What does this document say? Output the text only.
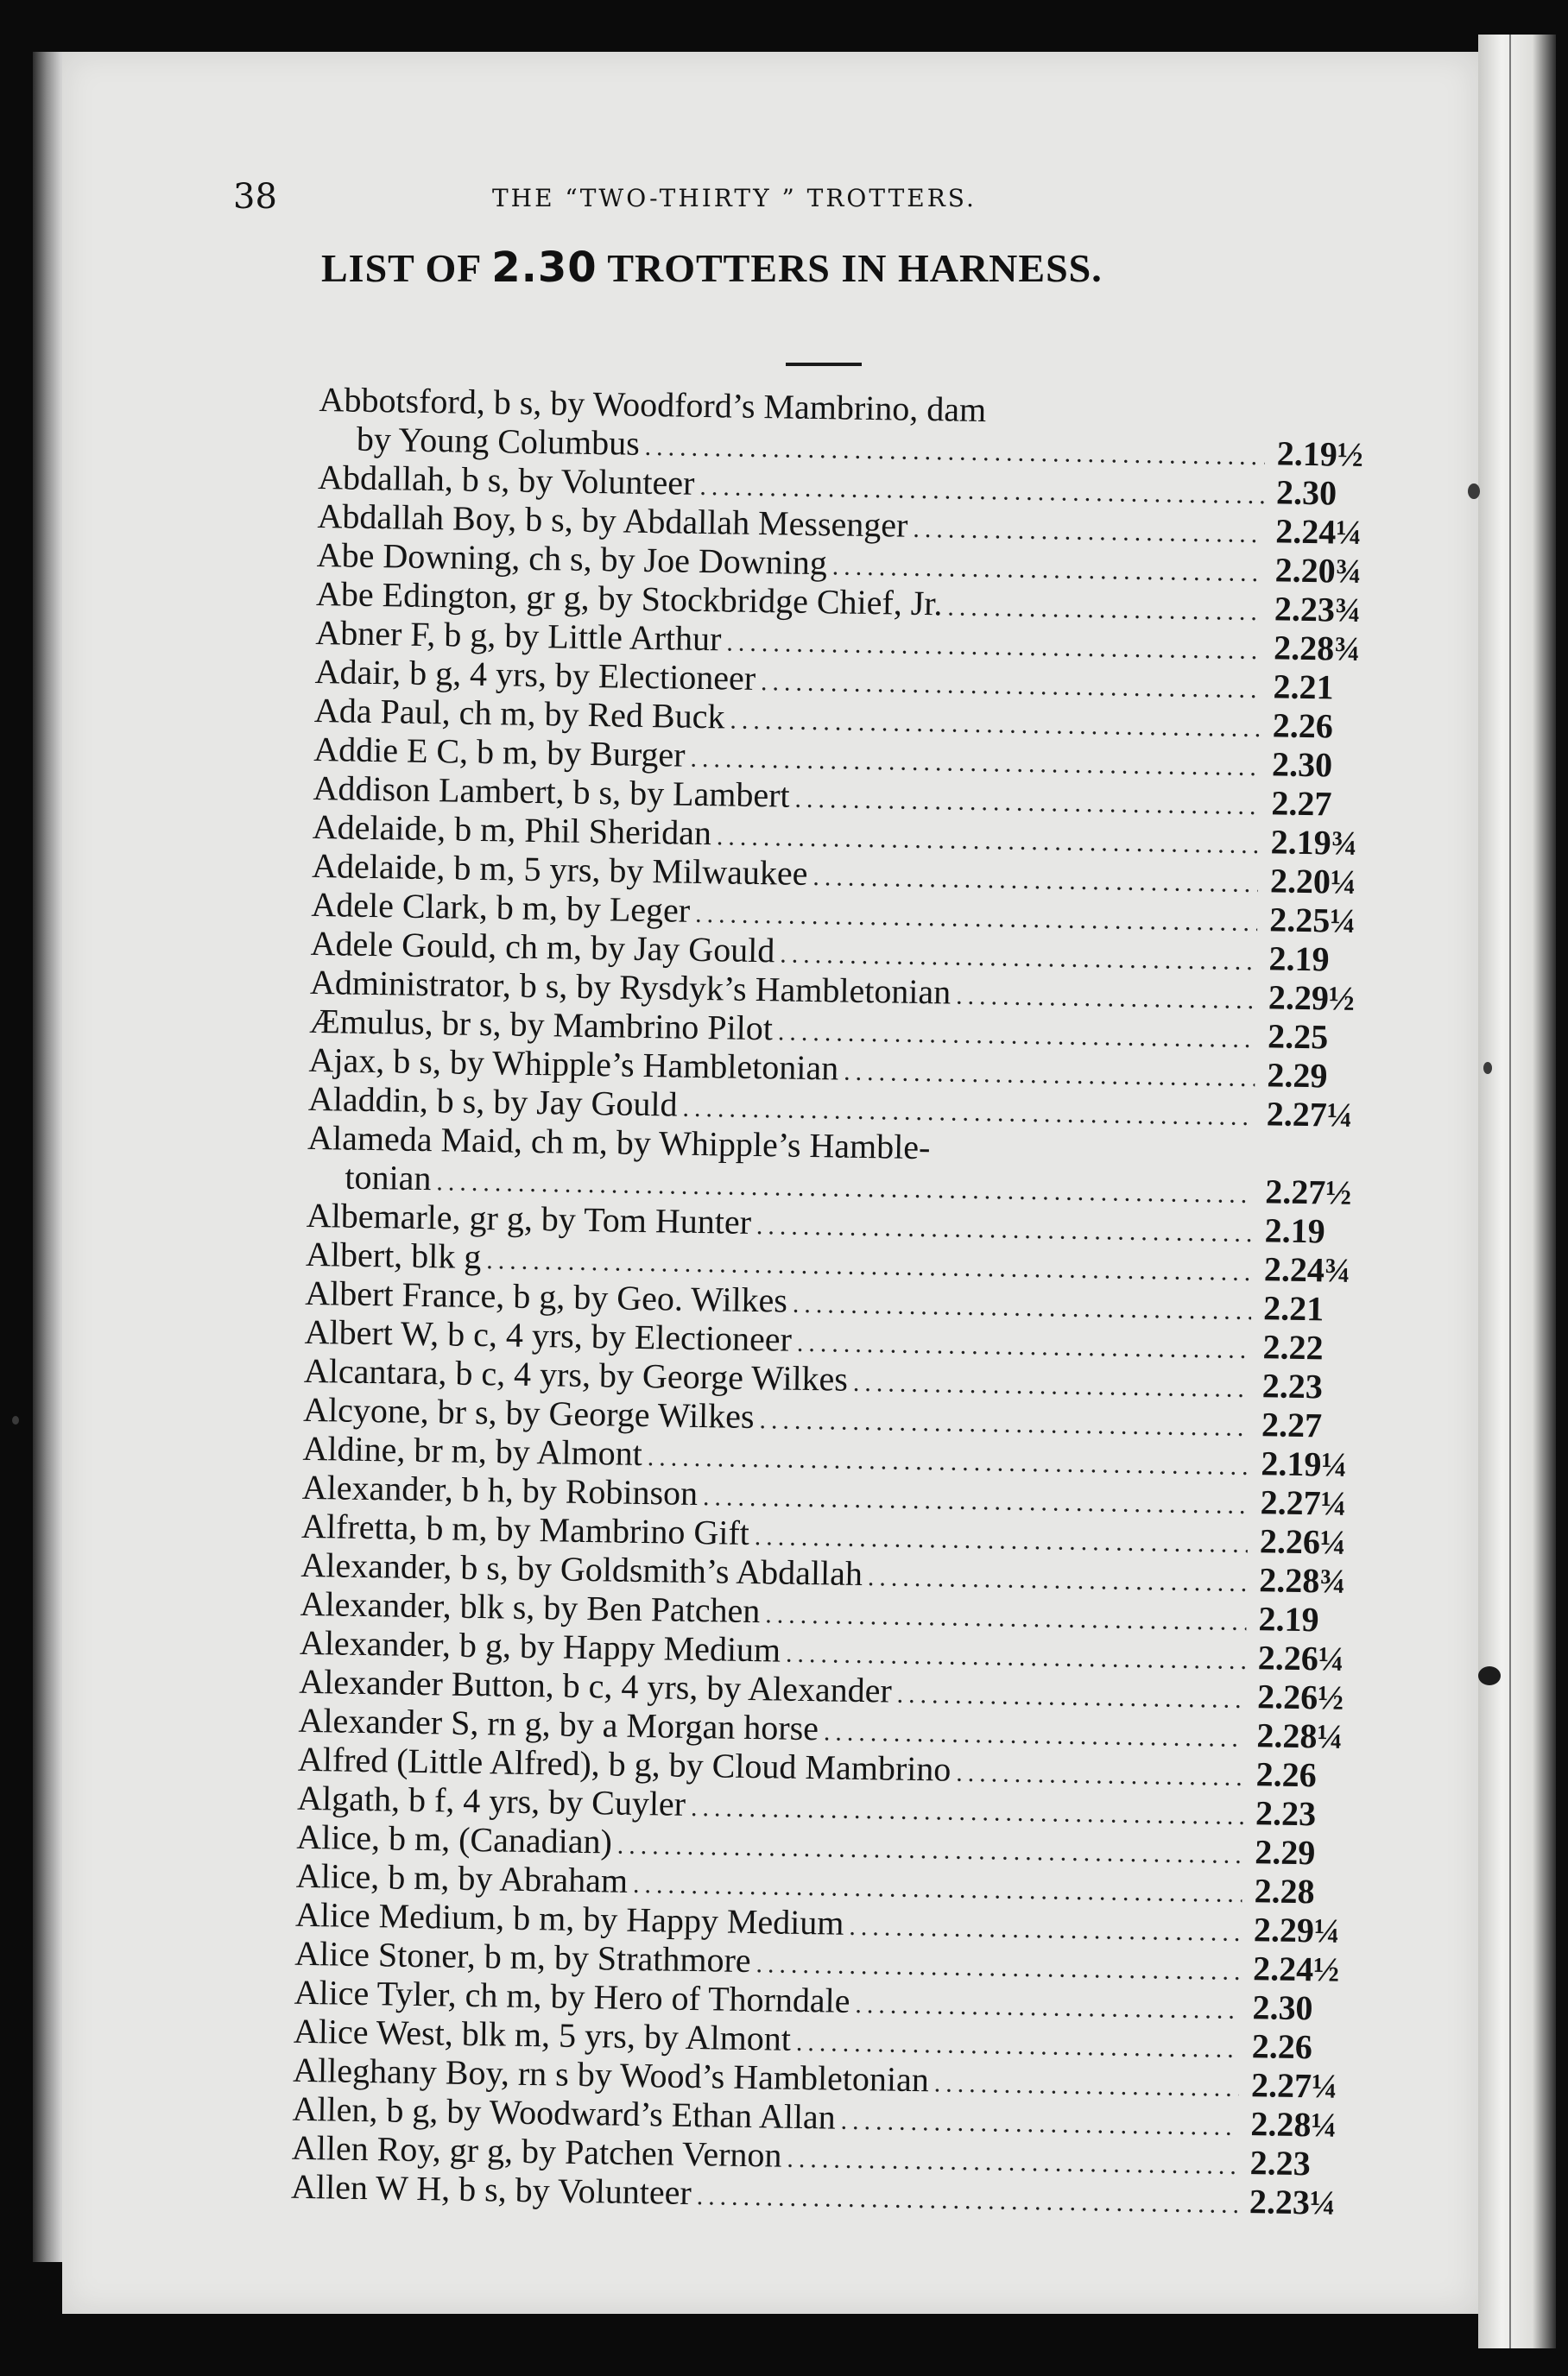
38	THE “TWO-THIRTY ” TROTTERS.
LIST OF 2.30 TROTTERS IN HARNESS.
Abbotsford, b s, by Woodford’s Mambrino, dam
by Young Columbus .....	2.19½
Abdallah, b s, by Volunteer .....	2.30
Abdallah Boy, b s, by Abdallah Messenger .....	2.24¼
Abe Downing, ch s, by Joe Downing .....	2.20¾
Abe Edington, gr g, by Stockbridge Chief, Jr. .....	2.23¾
Abner F, b g, by Little Arthur .....	2.28¾
Adair, b g, 4 yrs, by Electioneer .....	2.21
Ada Paul, ch m, by Red Buck .....	2.26
Addie E C, b m, by Burger .....	2.30
Addison Lambert, b s, by Lambert .....	2.27
Adelaide, b m, Phil Sheridan .....	2.19¾
Adelaide, b m, 5 yrs, by Milwaukee .....	2.20¼
Adele Clark, b m, by Leger .....	2.25¼
Adele Gould, ch m, by Jay Gould .....	2.19
Administrator, b s, by Rysdyk’s Hambletonian .....	2.29½
Æmulus, br s, by Mambrino Pilot .....	2.25
Ajax, b s, by Whipple’s Hambletonian .....	2.29
Aladdin, b s, by Jay Gould .....	2.27¼
Alameda Maid, ch m, by Whipple’s Hamble-
tonian .....	2.27½
Albemarle, gr g, by Tom Hunter .....	2.19
Albert, blk g .....	2.24¾
Albert France, b g, by Geo. Wilkes .....	2.21
Albert W, b c, 4 yrs, by Electioneer .....	2.22
Alcantara, b c, 4 yrs, by George Wilkes .....	2.23
Alcyone, br s, by George Wilkes .....	2.27
Aldine, br m, by Almont .....	2.19¼
Alexander, b h, by Robinson .....	2.27¼
Alfretta, b m, by Mambrino Gift .....	2.26¼
Alexander, b s, by Goldsmith’s Abdallah .....	2.28¾
Alexander, blk s, by Ben Patchen .....	2.19
Alexander, b g, by Happy Medium .....	2.26¼
Alexander Button, b c, 4 yrs, by Alexander .....	2.26½
Alexander S, rn g, by a Morgan horse .....	2.28¼
Alfred (Little Alfred), b g, by Cloud Mambrino .....	2.26
Algath, b f, 4 yrs, by Cuyler .....	2.23
Alice, b m, (Canadian) .....	2.29
Alice, b m, by Abraham .....	2.28
Alice Medium, b m, by Happy Medium .....	2.29¼
Alice Stoner, b m, by Strathmore .....	2.24½
Alice Tyler, ch m, by Hero of Thorndale .....	2.30
Alice West, blk m, 5 yrs, by Almont .....	2.26
Alleghany Boy, rn s by Wood’s Hambletonian .....	2.27¼
Allen, b g, by Woodward’s Ethan Allan .....	2.28¼
Allen Roy, gr g, by Patchen Vernon .....	2.23
Allen W H, b s, by Volunteer .....	2.23¼
